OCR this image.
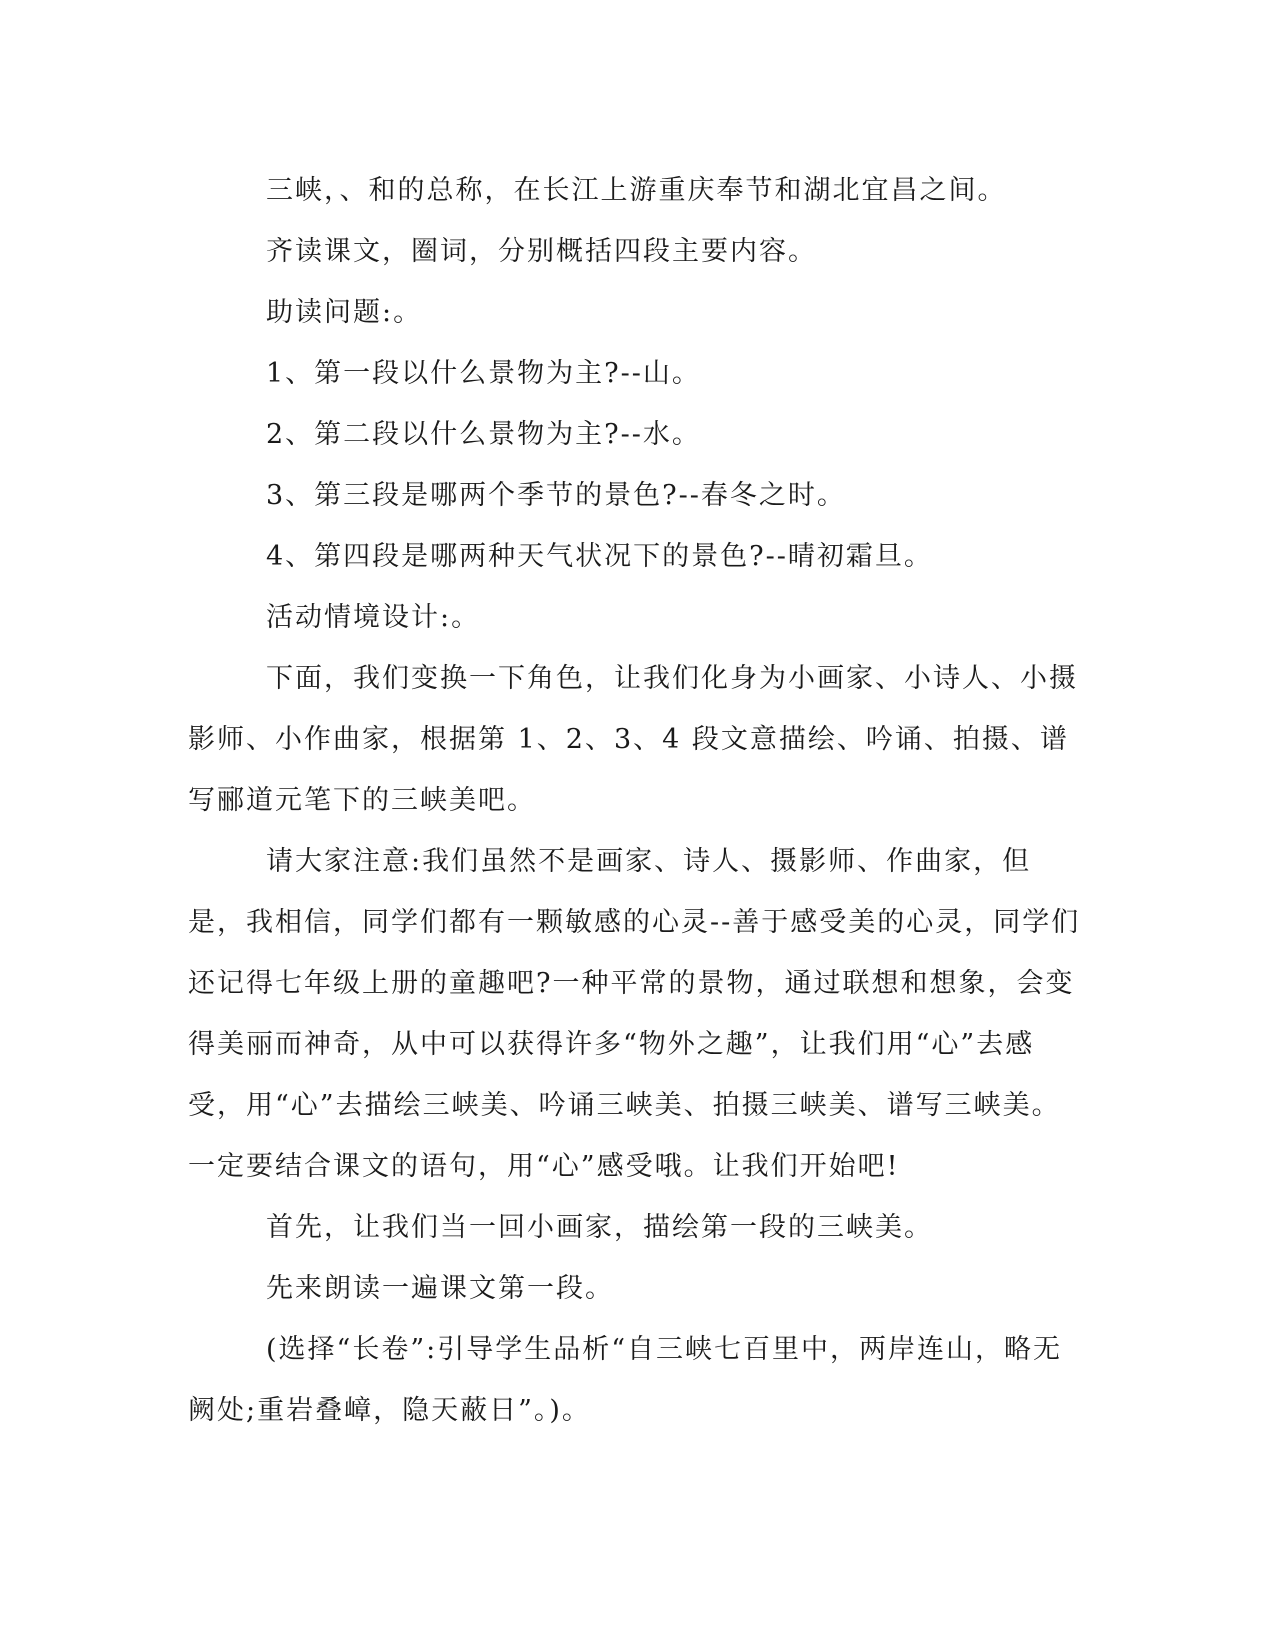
三峡，、和的总称，在长江上游重庆奉节和湖北宜昌之间。

齐读课文，圈词，分别概括四段主要内容。

助读问题:。

1、第一段以什么景物为主?--山。

2、第二段以什么景物为主?--水。

3、第三段是哪两个季节的景色?--春冬之时。

4、第四段是哪两种天气状况下的景色?--晴初霜旦。

活动情境设计:。

下面，我们变换一下角色，让我们化身为小画家、小诗人、小摄影师、小作曲家，根据第 1、2、3、4 段文意描绘、吟诵、拍摄、谱写郦道元笔下的三峡美吧。

请大家注意:我们虽然不是画家、诗人、摄影师、作曲家，但是，我相信，同学们都有一颗敏感的心灵--善于感受美的心灵，同学们还记得七年级上册的童趣吧?一种平常的景物，通过联想和想象，会变得美丽而神奇，从中可以获得许多“物外之趣”，让我们用“心”去感受，用“心”去描绘三峡美、吟诵三峡美、拍摄三峡美、谱写三峡美。一定要结合课文的语句，用“心”感受哦。让我们开始吧!

首先，让我们当一回小画家，描绘第一段的三峡美。

先来朗读一遍课文第一段。

(选择“长卷”:引导学生品析“自三峡七百里中，两岸连山，略无阙处;重岩叠嶂，隐天蔽日”。)。
